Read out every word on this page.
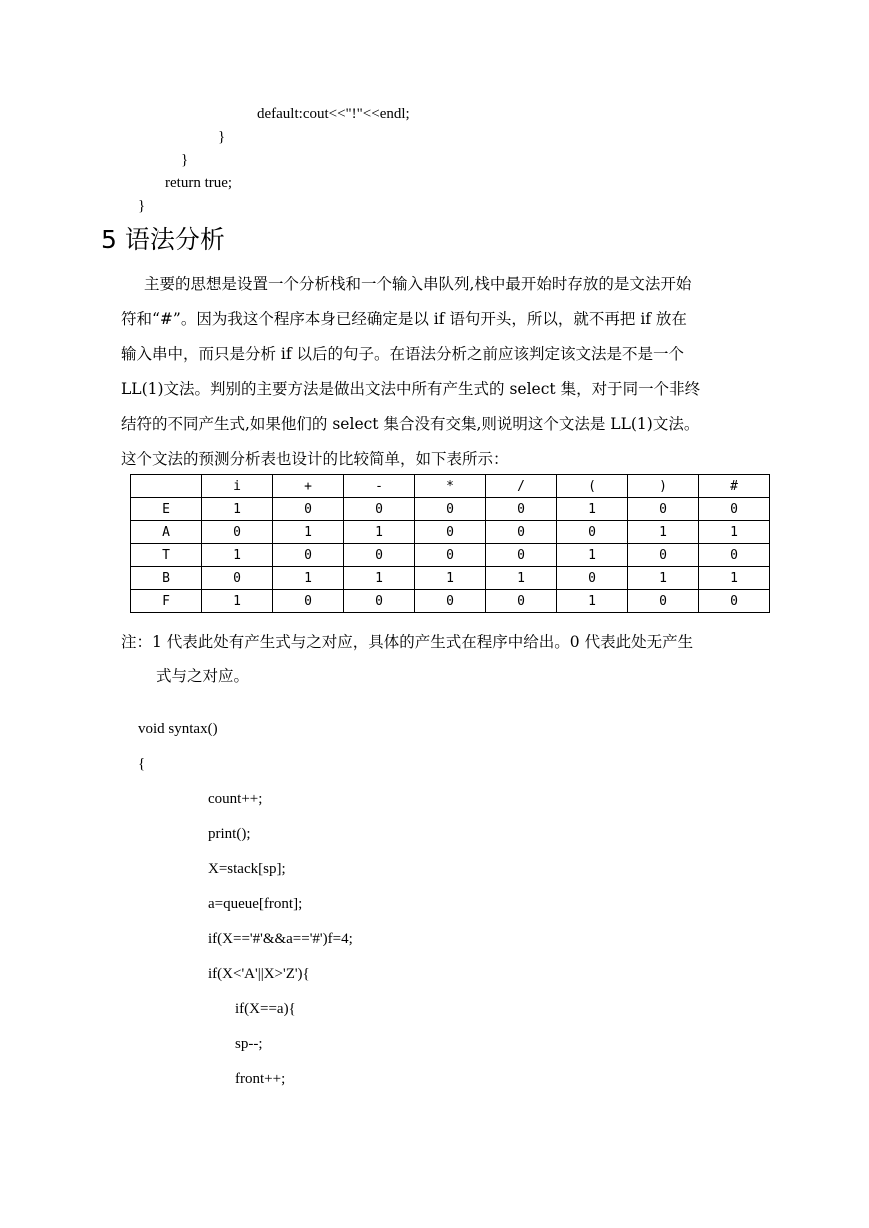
default:cout<<"!"<<endl;
}
}
return true;
}
5 语法分析
主要的思想是设置一个分析栈和一个输入串队列,栈中最开始时存放的是文法开始
符和“#”。因为我这个程序本身已经确定是以 if 语句开头，所以，就不再把 if 放在
输入串中，而只是分析 if 以后的句子。在语法分析之前应该判定该文法是不是一个
LL(1)文法。判别的主要方法是做出文法中所有产生式的 select 集，对于同一个非终
结符的不同产生式,如果他们的 select 集合没有交集,则说明这个文法是 LL(1)文法。
这个文法的预测分析表也设计的比较简单，如下表所示：
	i	+	-	*	/	(	)	#
E	1	0	0	0	0	1	0	0
A	0	1	1	0	0	0	1	1
T	1	0	0	0	0	1	0	0
B	0	1	1	1	1	0	1	1
F	1	0	0	0	0	1	0	0
注：1 代表此处有产生式与之对应，具体的产生式在程序中给出。0 代表此处无产生
式与之对应。
void syntax()
{
count++;
print();
X=stack[sp];
a=queue[front];
if(X=='#'&&a=='#')f=4;
if(X<'A'||X>'Z'){
if(X==a){
sp--;
front++;
